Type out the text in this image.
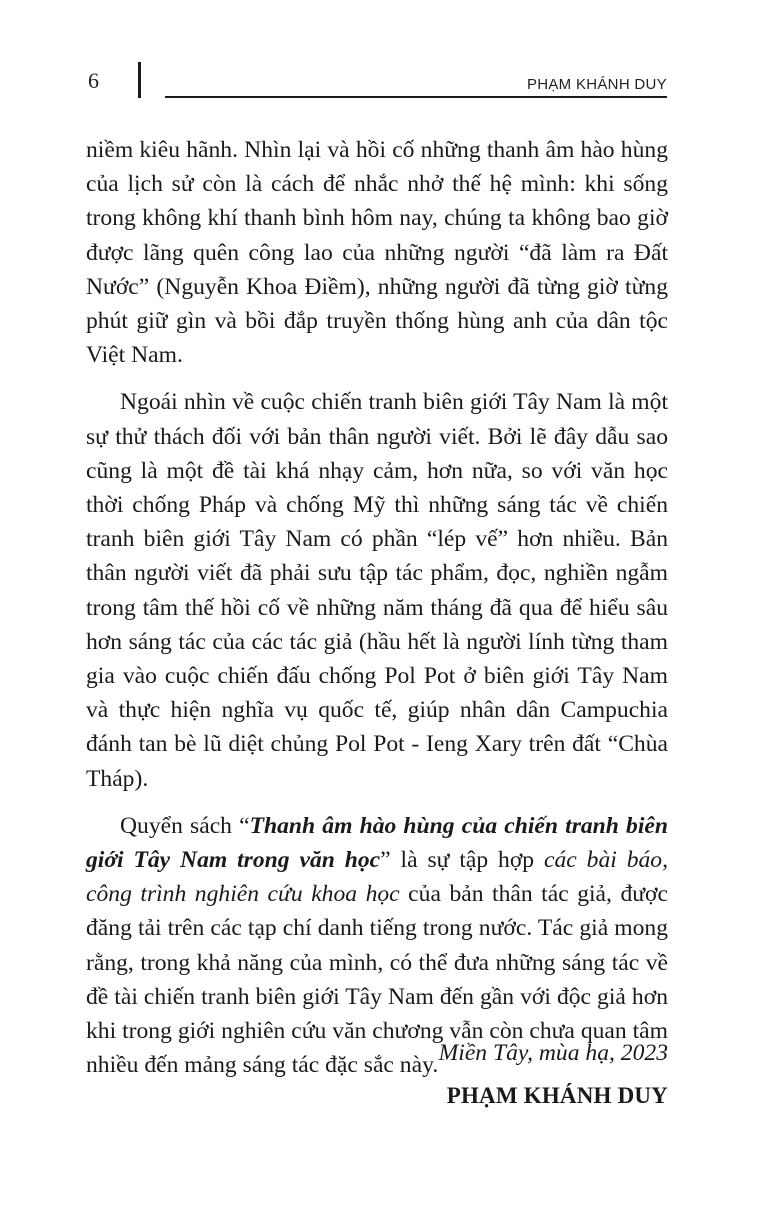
6	PHẠM KHÁNH DUY

niềm kiêu hãnh. Nhìn lại và hồi cố những thanh âm hào hùng của lịch sử còn là cách để nhắc nhở thế hệ mình: khi sống trong không khí thanh bình hôm nay, chúng ta không bao giờ được lãng quên công lao của những người “đã làm ra Đất Nước” (Nguyễn Khoa Điềm), những người đã từng giờ từng phút giữ gìn và bồi đắp truyền thống hùng anh của dân tộc Việt Nam.

Ngoái nhìn về cuộc chiến tranh biên giới Tây Nam là một sự thử thách đối với bản thân người viết. Bởi lẽ đây dẫu sao cũng là một đề tài khá nhạy cảm, hơn nữa, so với văn học thời chống Pháp và chống Mỹ thì những sáng tác về chiến tranh biên giới Tây Nam có phần “lép vế” hơn nhiều. Bản thân người viết đã phải sưu tập tác phẩm, đọc, nghiền ngẫm trong tâm thế hồi cố về những năm tháng đã qua để hiểu sâu hơn sáng tác của các tác giả (hầu hết là người lính từng tham gia vào cuộc chiến đấu chống Pol Pot ở biên giới Tây Nam và thực hiện nghĩa vụ quốc tế, giúp nhân dân Campuchia đánh tan bè lũ diệt chủng Pol Pot - Ieng Xary trên đất “Chùa Tháp).

Quyển sách “Thanh âm hào hùng của chiến tranh biên giới Tây Nam trong văn học” là sự tập hợp các bài báo, công trình nghiên cứu khoa học của bản thân tác giả, được đăng tải trên các tạp chí danh tiếng trong nước. Tác giả mong rằng, trong khả năng của mình, có thể đưa những sáng tác về đề tài chiến tranh biên giới Tây Nam đến gần với độc giả hơn khi trong giới nghiên cứu văn chương vẫn còn chưa quan tâm nhiều đến mảng sáng tác đặc sắc này. Miền Tây, mùa hạ, 2023
PHẠM KHÁNH DUY
